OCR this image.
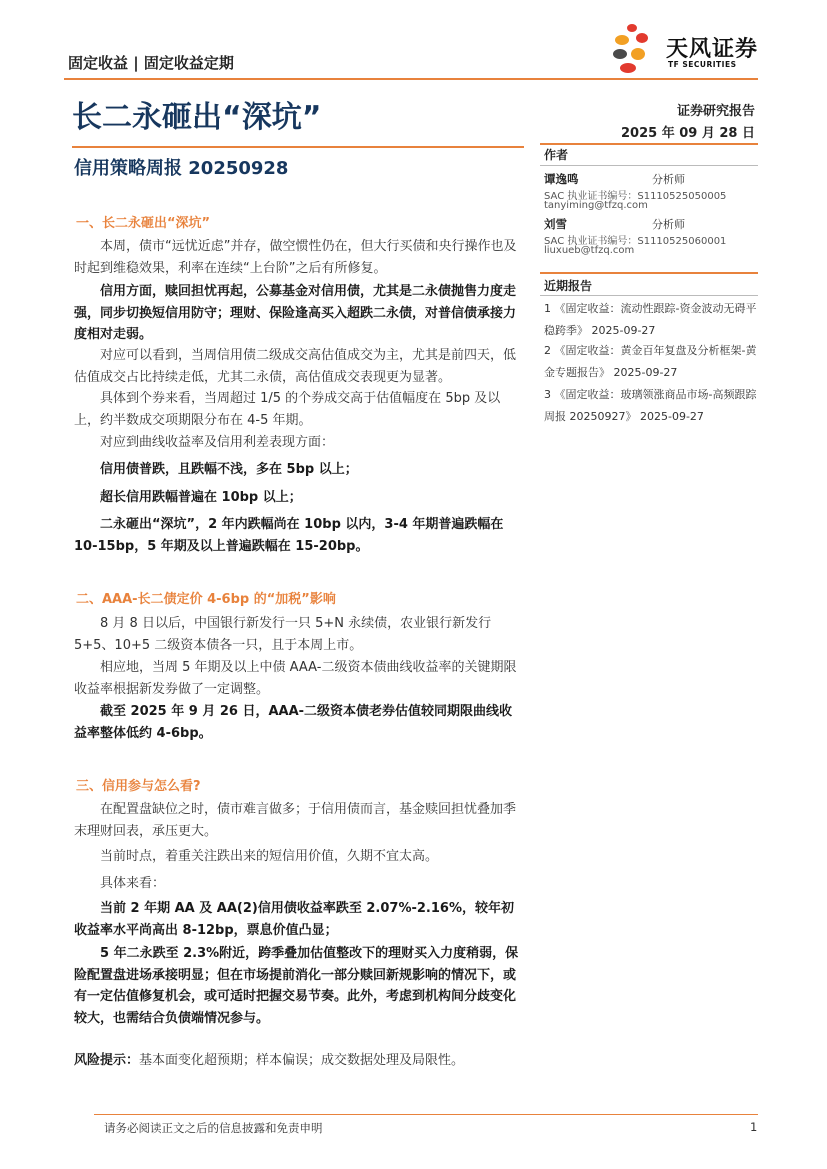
固定收益 | 固定收益定期
天风证券
TF SECURITIES
长二永砸出“深坑”	证券研究报告
2025 年 09 月 28 日
信用策略周报 20250928
作者
谭逸鸣	分析师
SAC 执业证书编号：S1110525050005
tanyiming@tfzq.com
刘雪	分析师
SAC 执业证书编号：S1110525060001
liuxueb@tfzq.com
近期报告
1 《固定收益：流动性跟踪-资金波动无碍平稳跨季》 2025-09-27
2 《固定收益：黄金百年复盘及分析框架-黄金专题报告》 2025-09-27
3 《固定收益：玻璃领涨商品市场-高频跟踪周报 20250927》 2025-09-27
一、长二永砸出“深坑”
本周，债市“远忧近虑”并存，做空惯性仍在，但大行买债和央行操作也及时起到维稳效果，利率在连续“上台阶”之后有所修复。
信用方面，赎回担忧再起，公募基金对信用债，尤其是二永债抛售力度走强，同步切换短信用防守；理财、保险逢高买入超跌二永债，对普信债承接力度相对走弱。
对应可以看到，当周信用债二级成交高估值成交为主，尤其是前四天，低估值成交占比持续走低，尤其二永债，高估值成交表现更为显著。
具体到个券来看，当周超过 1/5 的个券成交高于估值幅度在 5bp 及以上，约半数成交项期限分布在 4-5 年期。
对应到曲线收益率及信用利差表现方面：
信用债普跌，且跌幅不浅，多在 5bp 以上；
超长信用跌幅普遍在 10bp 以上；
二永砸出“深坑”，2 年内跌幅尚在 10bp 以内，3-4 年期普遍跌幅在 10-15bp，5 年期及以上普遍跌幅在 15-20bp。
二、AAA-长二债定价 4-6bp 的“加税”影响
8 月 8 日以后，中国银行新发行一只 5+N 永续债，农业银行新发行 5+5、10+5 二级资本债各一只，且于本周上市。
相应地，当周 5 年期及以上中债 AAA-二级资本债曲线收益率的关键期限收益率根据新发券做了一定调整。
截至 2025 年 9 月 26 日，AAA-二级资本债老券估值较同期限曲线收益率整体低约 4-6bp。
三、信用参与怎么看?
在配置盘缺位之时，债市难言做多；于信用债而言，基金赎回担忧叠加季末理财回表，承压更大。
当前时点，着重关注跌出来的短信用价值，久期不宜太高。
具体来看：
当前 2 年期 AA 及 AA(2)信用债收益率跌至 2.07%-2.16%，较年初收益率水平尚高出 8-12bp，票息价值凸显；
5 年二永跌至 2.3%附近，跨季叠加估值整改下的理财买入力度稍弱，保险配置盘进场承接明显；但在市场提前消化一部分赎回新规影响的情况下，或有一定估值修复机会，或可适时把握交易节奏。此外，考虑到机构间分歧变化较大，也需结合负债端情况参与。
风险提示：基本面变化超预期；样本偏误；成交数据处理及局限性。
请务必阅读正文之后的信息披露和免责申明	1
